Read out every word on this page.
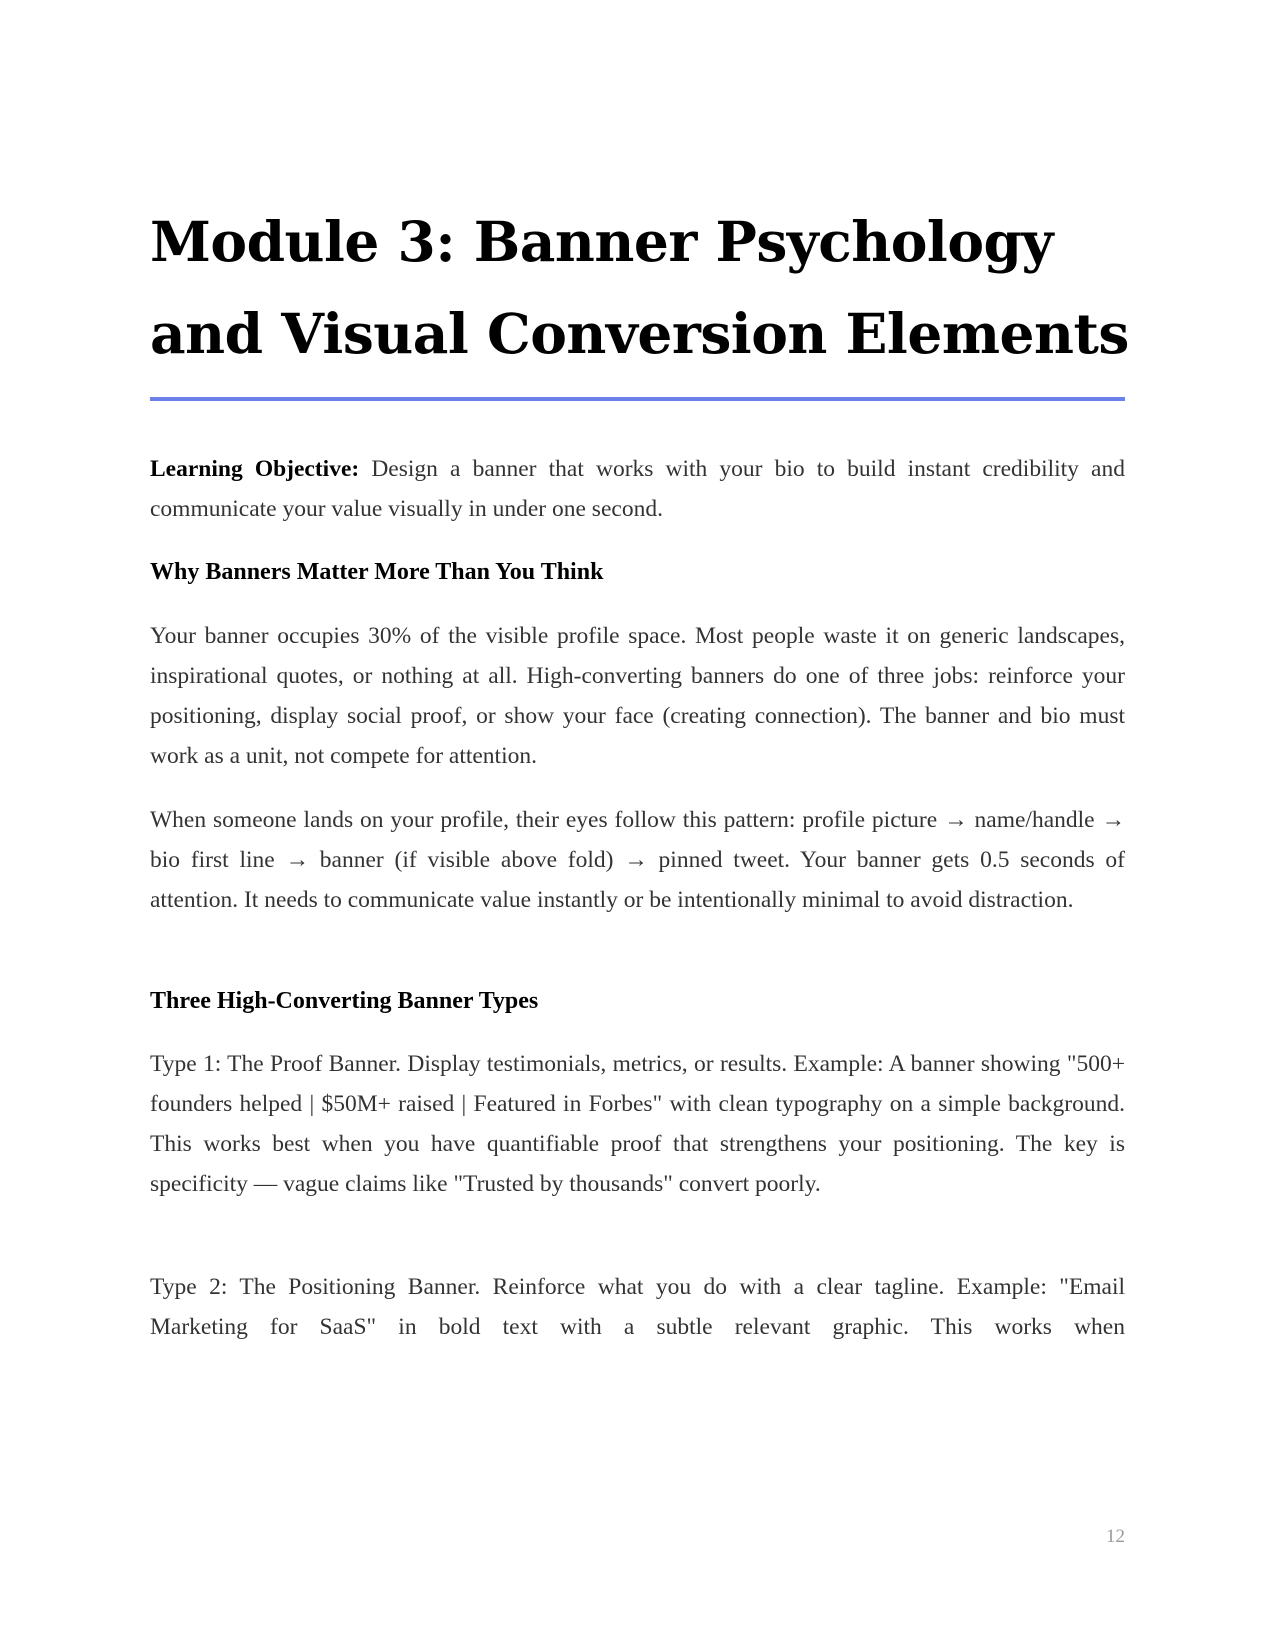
Module 3: Banner Psychology
and Visual Conversion Elements

Learning Objective: Design a banner that works with your bio to build instant credibility and communicate your value visually in under one second.

Why Banners Matter More Than You Think

Your banner occupies 30% of the visible profile space. Most people waste it on generic landscapes, inspirational quotes, or nothing at all. High-converting banners do one of three jobs: reinforce your positioning, display social proof, or show your face (creating connection). The banner and bio must work as a unit, not compete for attention.

When someone lands on your profile, their eyes follow this pattern: profile picture → name/handle → bio first line → banner (if visible above fold) → pinned tweet. Your banner gets 0.5 seconds of attention. It needs to communicate value instantly or be intentionally minimal to avoid distraction.

Three High-Converting Banner Types

Type 1: The Proof Banner. Display testimonials, metrics, or results. Example: A banner showing "500+ founders helped | $50M+ raised | Featured in Forbes" with clean typography on a simple background. This works best when you have quantifiable proof that strengthens your positioning. The key is specificity — vague claims like "Trusted by thousands" convert poorly.

Type 2: The Positioning Banner. Reinforce what you do with a clear tagline. Example: "Email Marketing for SaaS" in bold text with a subtle relevant graphic. This works when

12
